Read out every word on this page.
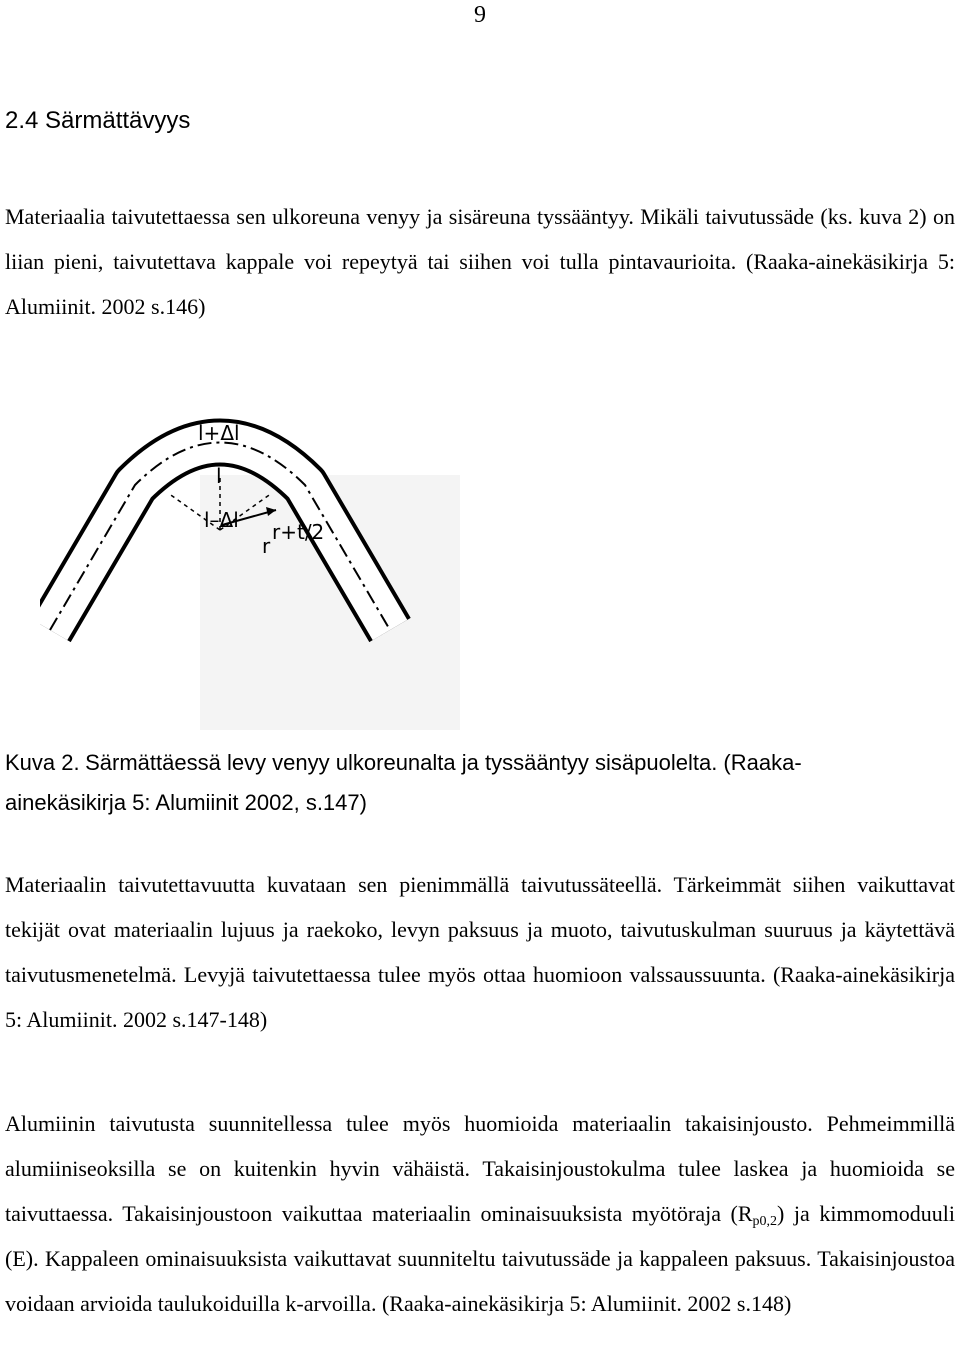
9
2.4 Särmättävyys

Materiaalia taivutettaessa sen ulkoreuna venyy ja sisäreuna tyssääntyy. Mikäli taivutussäde (ks. kuva 2) on liian pieni, taivutettava kappale voi repeytyä tai siihen voi tulla pintavaurioita. (Raaka-ainekäsikirja 5: Alumiinit. 2002 s.146)

l+Δl
l
l–Δl r+t/2
r

Kuva 2. Särmättäessä levy venyy ulkoreunalta ja tyssääntyy sisäpuolelta. (Raaka-
ainekäsikirja 5: Alumiinit 2002, s.147)

Materiaalin taivutettavuutta kuvataan sen pienimmällä taivutussäteellä. Tärkeimmät siihen vaikuttavat tekijät ovat materiaalin lujuus ja raekoko, levyn paksuus ja muoto, taivutuskulman suuruus ja käytettävä taivutusmenetelmä. Levyjä taivutettaessa tulee myös ottaa huomioon valssaussuunta. (Raaka-ainekäsikirja 5: Alumiinit. 2002 s.147-148)

Alumiinin taivutusta suunnitellessa tulee myös huomioida materiaalin takaisinjousto. Pehmeimmillä alumiiniseoksilla se on kuitenkin hyvin vähäistä. Takaisinjoustokulma tulee laskea ja huomioida se taivuttaessa. Takaisinjoustoon vaikuttaa materiaalin ominaisuuksista myötöraja $(R_{p0,2})$ ja kimmomoduuli (E). Kappaleen ominaisuuksista vaikuttavat suunniteltu taivutussäde ja kappaleen paksuus. Takaisinjoustoa voidaan arvioida taulukoiduilla k-arvoilla. (Raaka-ainekäsikirja 5: Alumiinit. 2002 s.148)
